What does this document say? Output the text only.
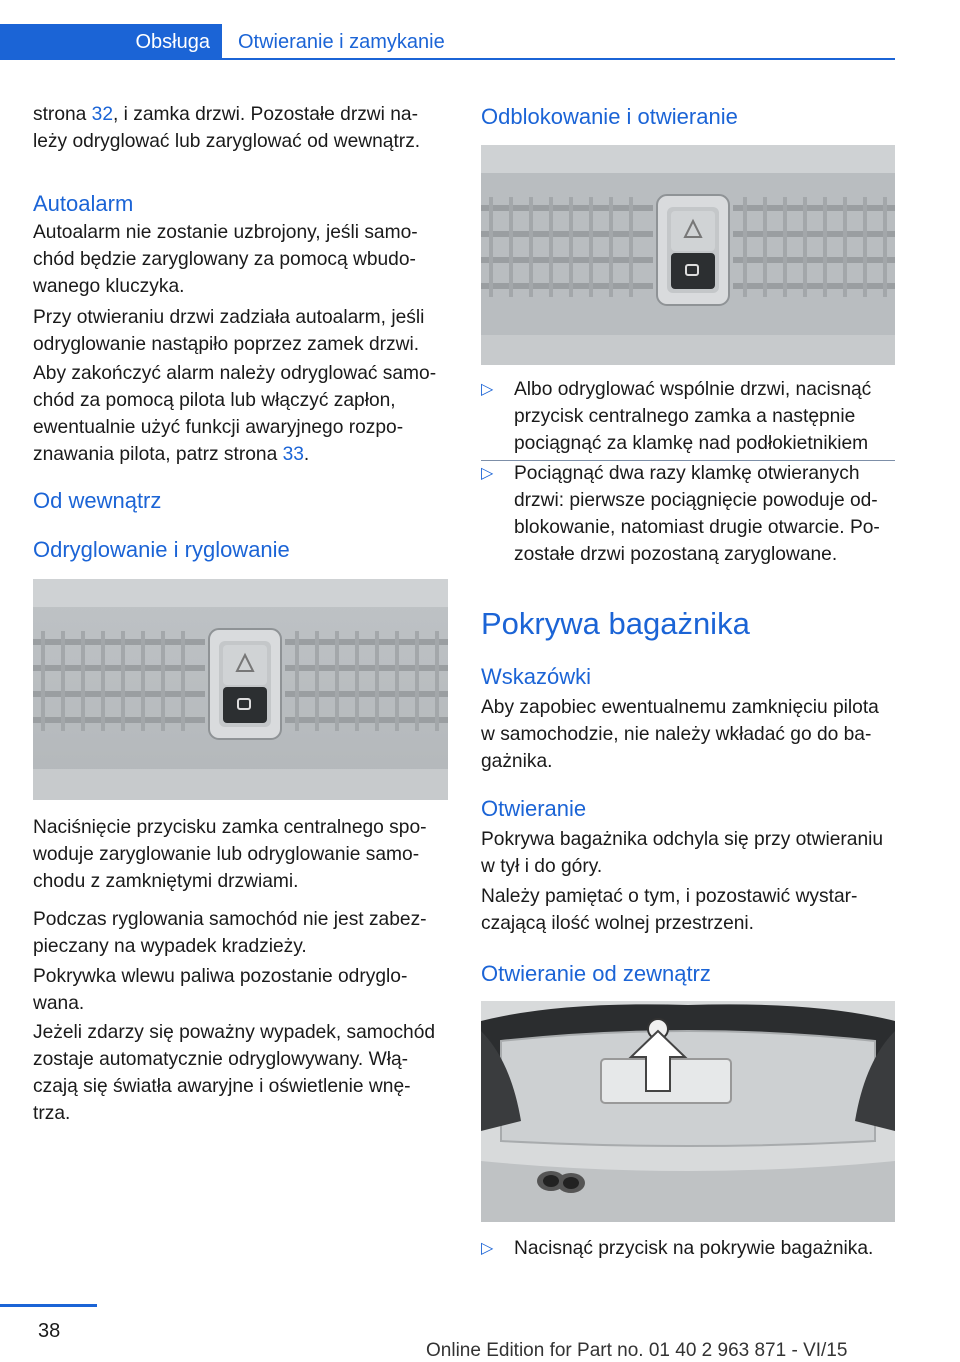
Obsługa	Otwieranie i zamykanie

strona 32, i zamka drzwi. Pozostałe drzwi na-
leży odryglować lub zaryglować od wewnątrz.

Autoalarm

Autoalarm nie zostanie uzbrojony, jeśli samo-
chód będzie zaryglowany za pomocą wbudo-
wanego kluczyka.

Przy otwieraniu drzwi zadziała autoalarm, jeśli
odryglowanie nastąpiło poprzez zamek drzwi.

Aby zakończyć alarm należy odryglować samo-
chód za pomocą pilota lub włączyć zapłon,
ewentualnie użyć funkcji awaryjnego rozpo-
znawania pilota, patrz strona 33.

Od wewnątrz
Odryglowanie i ryglowanie

Naciśnięcie przycisku zamka centralnego spo-
woduje zaryglowanie lub odryglowanie samo-
chodu z zamkniętymi drzwiami.

Podczas ryglowania samochód nie jest zabez-
pieczany na wypadek kradzieży.

Pokrywka wlewu paliwa pozostanie odryglo-
wana.

Jeżeli zdarzy się poważny wypadek, samochód
zostaje automatycznie odryglowywany. Włą-
czają się światła awaryjne i oświetlenie wnę-
trza.

Odblokowanie i otwieranie
▷ Albo odryglować wspólnie drzwi, nacisnąć
przycisk centralnego zamka a następnie
pociągnąć za klamkę nad podłokietnikiem
▷ Pociągnąć dwa razy klamkę otwieranych
drzwi: pierwsze pociągnięcie powoduje od-
blokowanie, natomiast drugie otwarcie. Po-
zostałe drzwi pozostaną zaryglowane.
Pokrywa bagażnika
Wskazówki

Aby zapobiec ewentualnemu zamknięciu pilota
w samochodzie, nie należy wkładać go do ba-
gażnika.

Otwieranie

Pokrywa bagażnika odchyla się przy otwieraniu
w tył i do góry.

Należy pamiętać o tym, i pozostawić wystar-
czającą ilość wolnej przestrzeni.

Otwieranie od zewnątrz
▷ Nacisnąć przycisk na pokrywie bagażnika.
38
Online Edition for Part no. 01 40 2 963 871 - VI/15
